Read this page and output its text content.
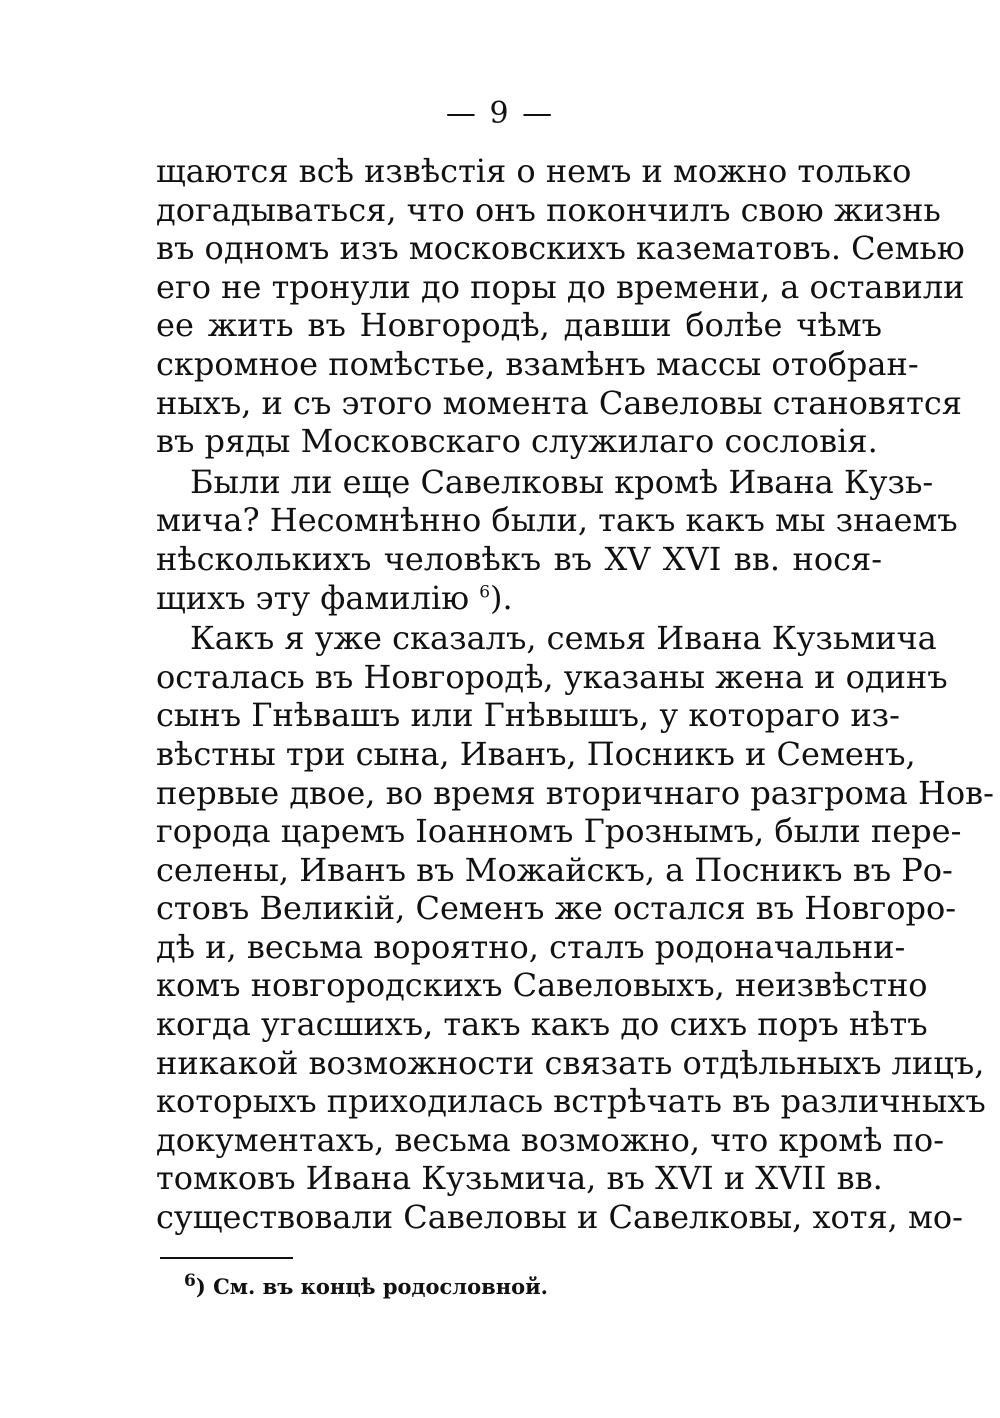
— 9 —
щаются всѣ извѣстія о немъ и можно только
догадываться, что онъ покончилъ свою жизнь
въ одномъ изъ московскихъ казематовъ. Семью
его не тронули до поры до времени, а оставили
ее жить въ Новгородѣ, давши болѣе чѣмъ
скромное помѣстье, взамѣнъ массы отобран-
ныхъ, и съ этого момента Савеловы становятся
въ ряды Московскаго служилаго сословія.
Были ли еще Савелковы кромѣ Ивана Кузь-
мича? Несомнѣнно были, такъ какъ мы знаемъ
нѣсколькихъ человѣкъ въ XV XVI вв. нося-
щихъ эту фамилію $^6$).
Какъ я уже сказалъ, семья Ивана Кузьмича
осталась въ Новгородѣ, указаны жена и одинъ
сынъ Гнѣвашъ или Гнѣвышъ, у котораго из-
вѣстны три сына, Иванъ, Посникъ и Семенъ,
первые двое, во время вторичнаго разгрома Нов-
города царемъ Іоанномъ Грознымъ, были пере-
селены, Иванъ въ Можайскъ, а Посникъ въ Ро-
стовъ Великій, Семенъ же остался въ Новгоро-
дѣ и, весьма вороятно, сталъ родоначальни-
комъ новгородскихъ Савеловыхъ, неизвѣстно
когда угасшихъ, такъ какъ до сихъ поръ нѣтъ
никакой возможности связать отдѣльныхъ лицъ,
которыхъ приходилась встрѣчать въ различныхъ
документахъ, весьма возможно, что кромѣ по-
томковъ Ивана Кузьмича, въ XVI и XVII вв.
существовали Савеловы и Савелковы, хотя, мо-
$^6$) См. въ концѣ родословной.
